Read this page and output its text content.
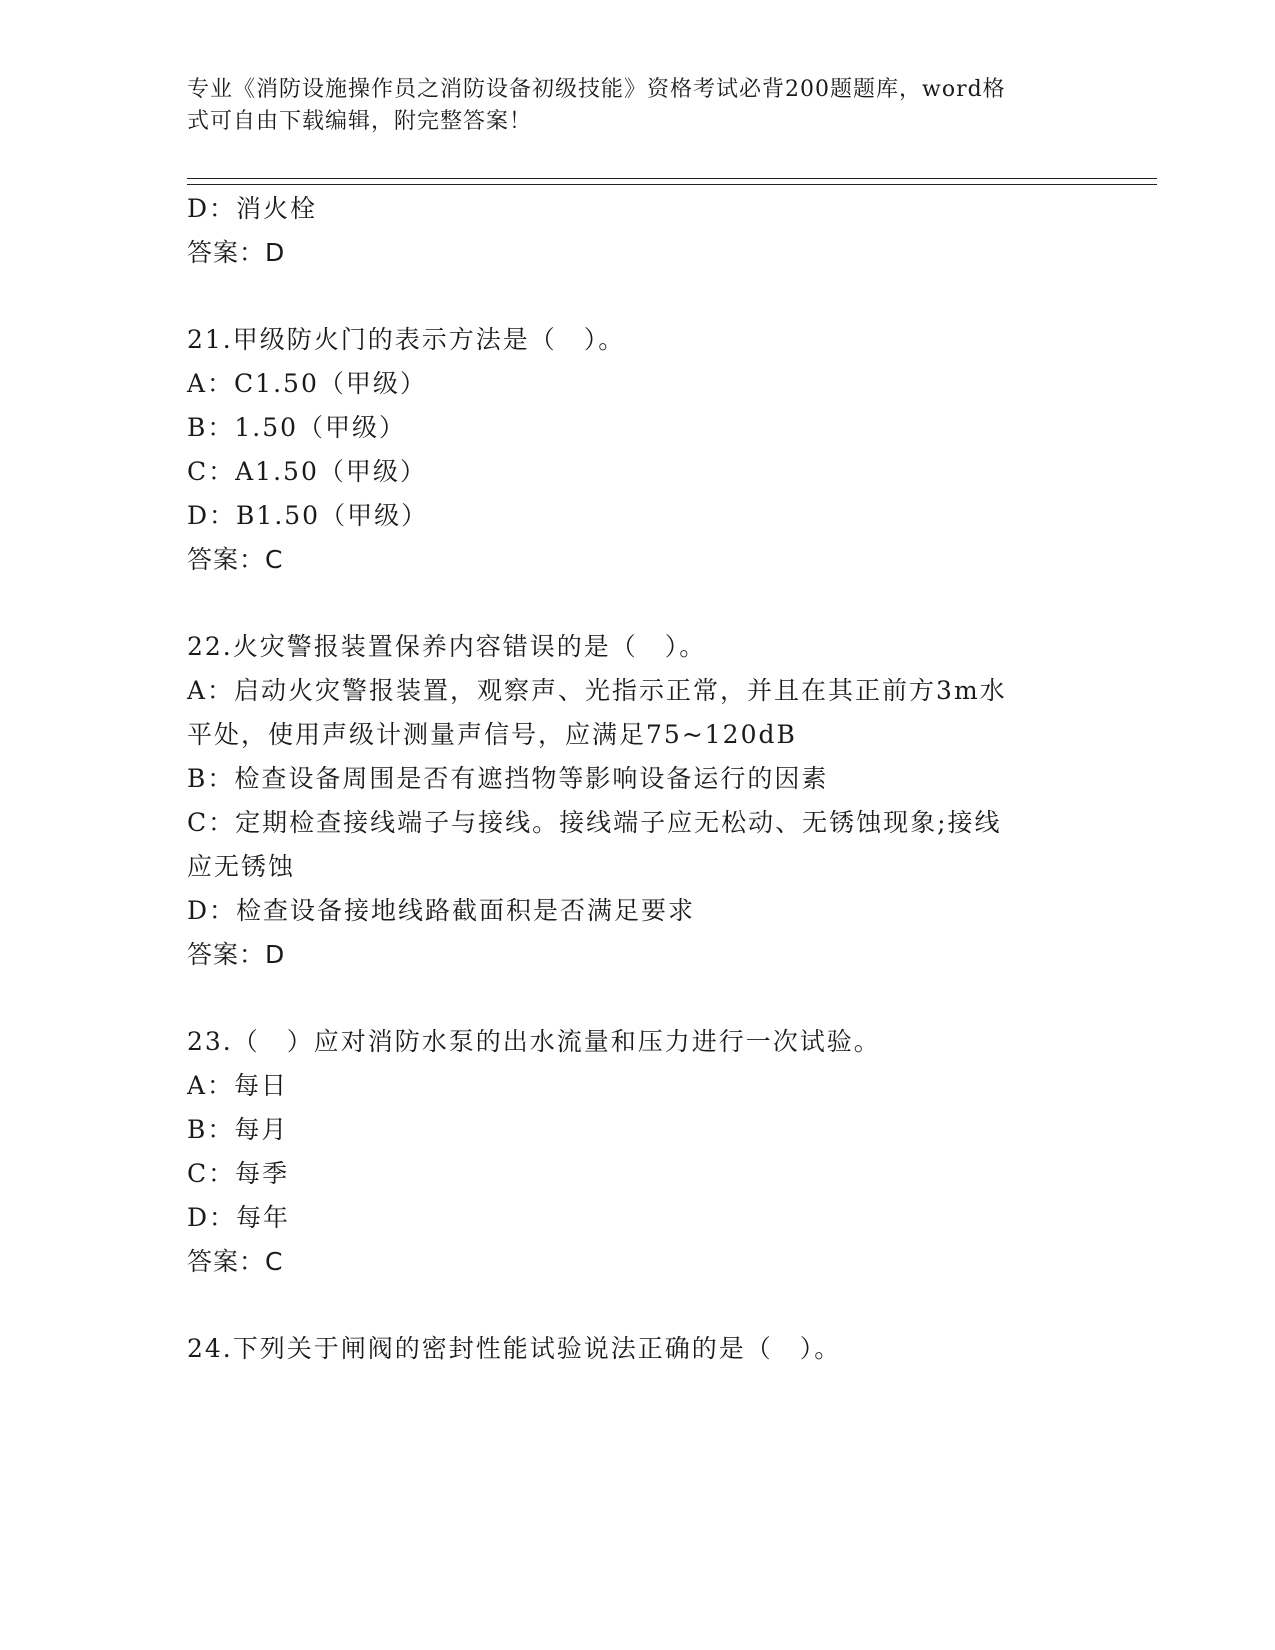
专业《消防设施操作员之消防设备初级技能》资格考试必背200题题库，word格
式可自由下载编辑，附完整答案！

D：消火栓

答案：D

21.甲级防火门的表示方法是（　）。

A：C1.50（甲级）

B：1.50（甲级）

C：A1.50（甲级）

D：B1.50（甲级）

答案：C

22.火灾警报装置保养内容错误的是（　）。

A：启动火灾警报装置，观察声、光指示正常，并且在其正前方3m水

平处，使用声级计测量声信号，应满足75~120dB

B：检查设备周围是否有遮挡物等影响设备运行的因素

C：定期检查接线端子与接线。接线端子应无松动、无锈蚀现象;接线

应无锈蚀

D：检查设备接地线路截面积是否满足要求

答案：D

23.（　）应对消防水泵的出水流量和压力进行一次试验。

A：每日

B：每月

C：每季

D：每年

答案：C

24.下列关于闸阀的密封性能试验说法正确的是（　）。
